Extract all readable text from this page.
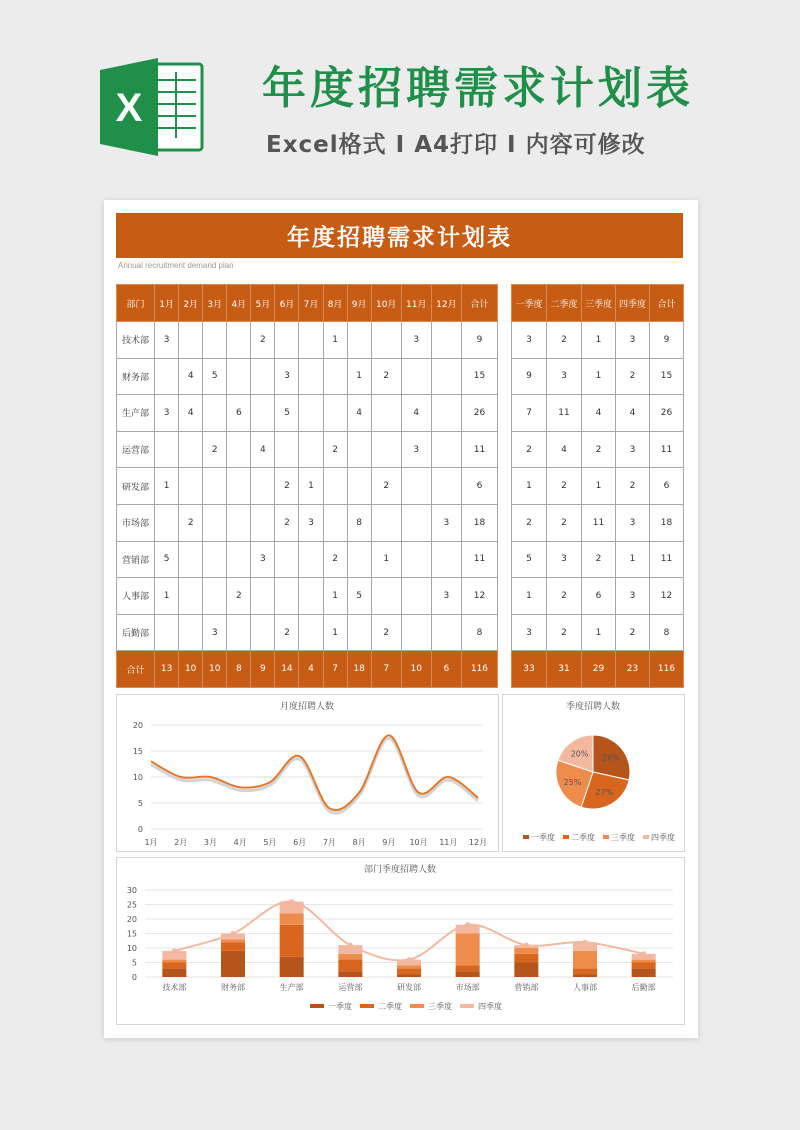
X	年度招聘需求计划表
Excel格式 I A4打印 I 内容可修改
年度招聘需求计划表
Annual recruitment demand plan
部门	1月	2月	3月	4月	5月	6月	7月	8月	9月	10月	11月	12月	合计
技术部	3				2			1			3		9
财务部		4	5			3			1	2			15
生产部	3	4		6		5			4		4		26
运营部			2		4			2			3		11
研发部	1					2	1			2			6
市场部		2				2	3		8			3	18
营销部	5				3			2		1			11
人事部	1			2				1	5			3	12
后勤部			3			2		1		2			8
合计	13	10	10	8	9	14	4	7	18	7	10	6	116
一季度	二季度	三季度	四季度	合计
3	2	1	3	9
9	3	1	2	15
7	11	4	4	26
2	4	2	3	11
1	2	1	2	6
2	2	11	3	18
5	3	2	1	11
1	2	6	3	12
3	2	1	2	8
33	31	29	23	116
月度招聘人数
0
5
10
15
20
1月 2月 3月 4月 5月 6月 7月 8月 9月 10月 11月 12月
季度招聘人数
28%
27%
25%
20%
一季度 二季度 三季度 四季度
部门季度招聘人数
0
5
10
15
20
25
30
技术部	财务部	生产部	运营部	研发部	市场部	营销部	人事部	后勤部
一季度	二季度	三季度	四季度
